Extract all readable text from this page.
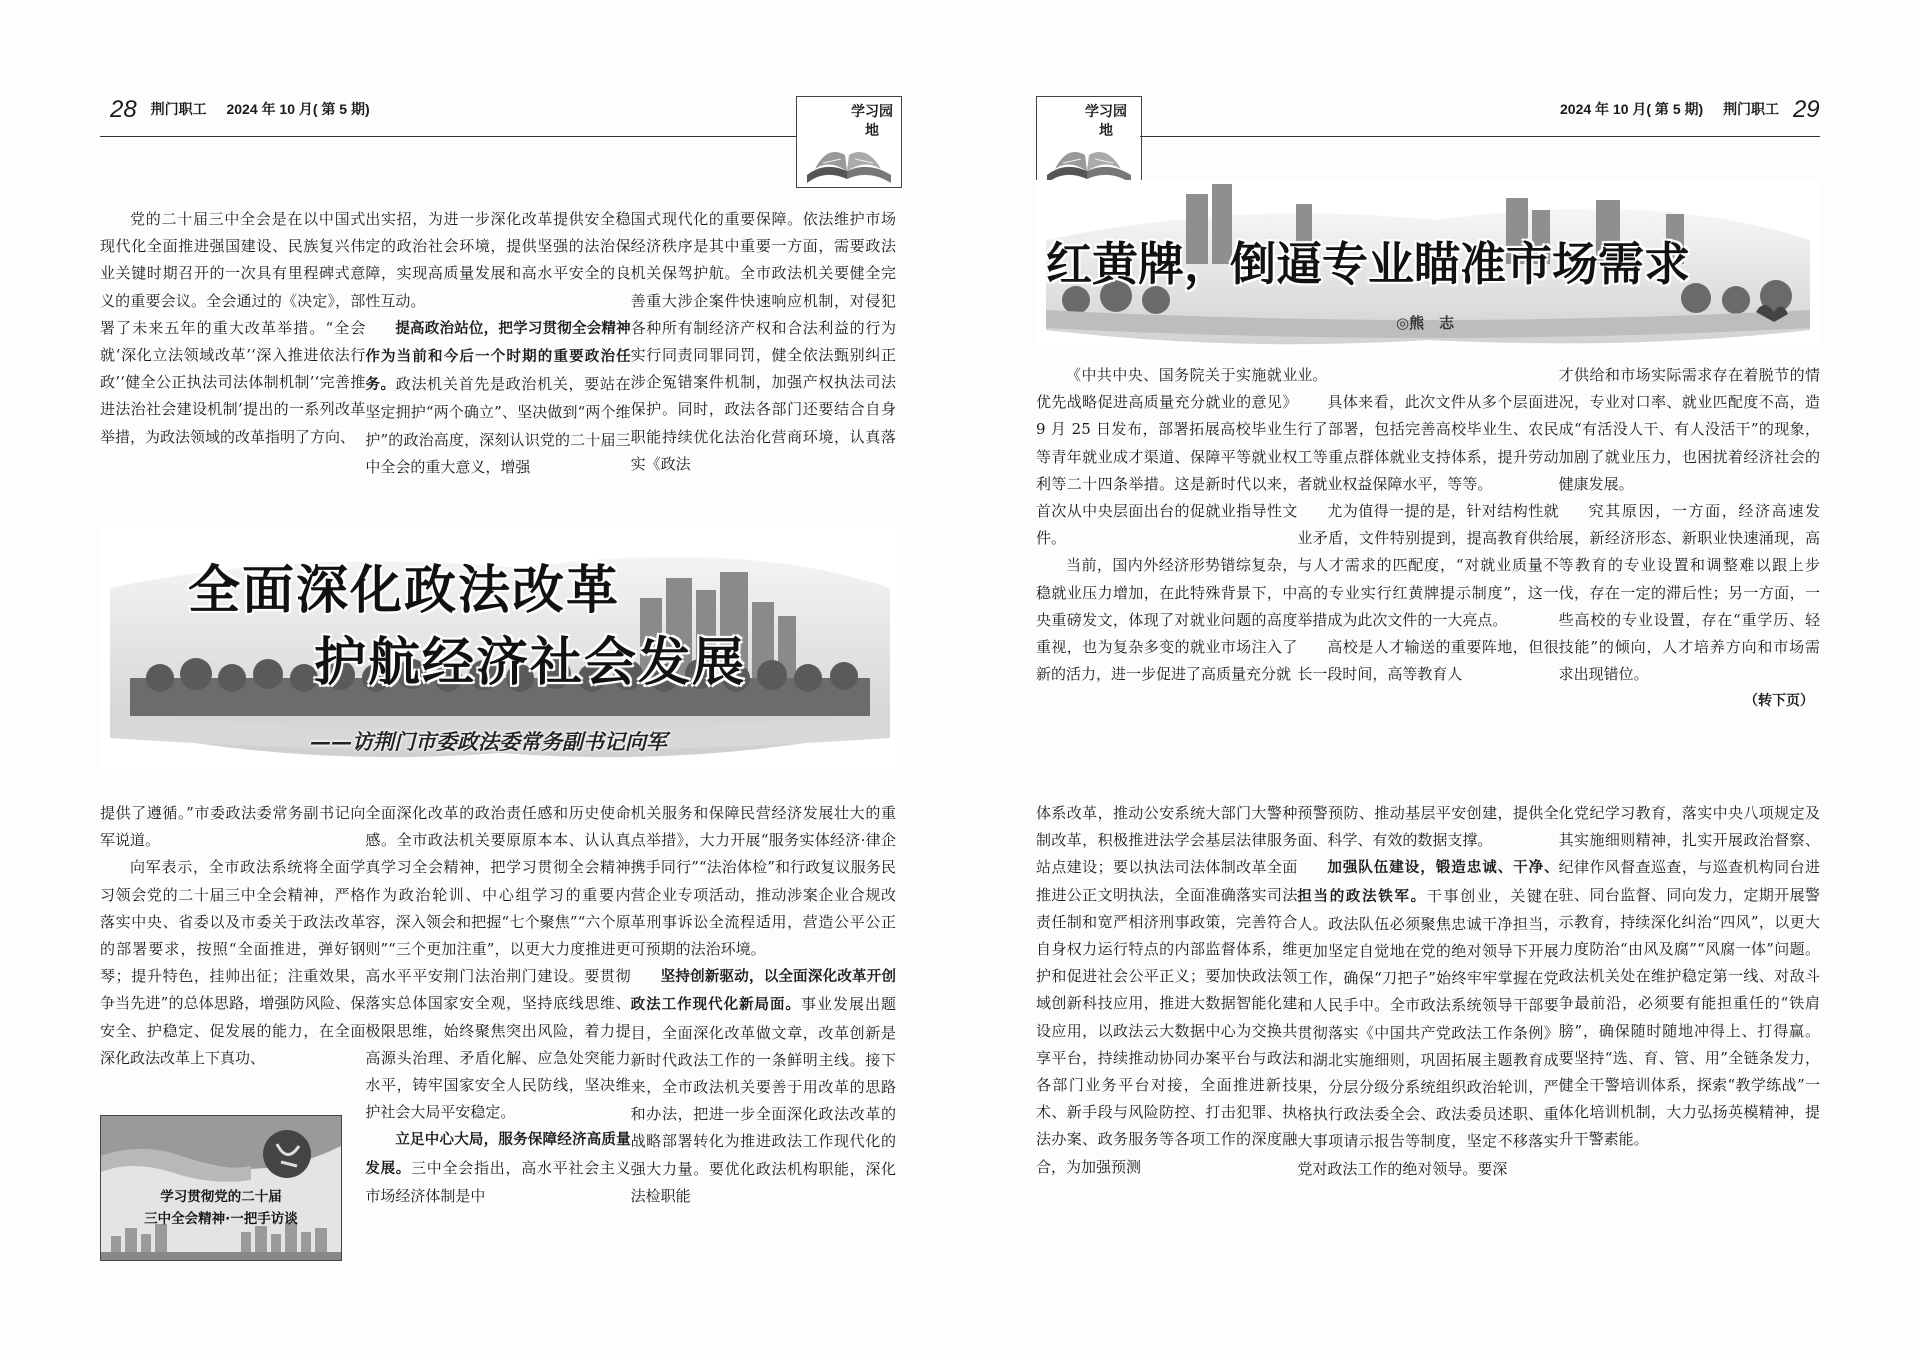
28 荆门职工 2024 年 10 月( 第 5 期)	学习园地

党的二十届三中全会是在以中国式现代化全面推进强国建设、民族复兴伟业关键时期召开的一次具有里程碑式意义的重要会议。全会通过的《决定》，部署了未来五年的重大改革举措。“全会就‘深化立法领域改革’‘深入推进依法行政’‘健全公正执法司法体制机制’‘完善推进法治社会建设机制’提出的一系列改革举措，为政法领域的改革指明了方向、

出实招，为进一步深化改革提供安全稳定的政治社会环境，提供坚强的法治保障，实现高质量发展和高水平安全的良性互动。

提高政治站位，把学习贯彻全会精神作为当前和今后一个时期的重要政治任务。政法机关首先是政治机关，要站在坚定拥护“两个确立”、坚决做到“两个维护”的政治高度，深刻认识党的二十届三中全会的重大意义，增强

国式现代化的重要保障。依法维护市场经济秩序是其中重要一方面，需要政法机关保驾护航。全市政法机关要健全完善重大涉企案件快速响应机制，对侵犯各种所有制经济产权和合法利益的行为实行同责同罪同罚，健全依法甄别纠正涉企冤错案件机制，加强产权执法司法保护。同时，政法各部门还要结合自身职能持续优化法治化营商环境，认真落实《政法

全面深化政法改革
护航经济社会发展
——访荆门市委政法委常务副书记向军

提供了遵循。”市委政法委常务副书记向军说道。

向军表示，全市政法系统将全面学习领会党的二十届三中全会精神，严格落实中央、省委以及市委关于政法改革的部署要求，按照“全面推进，弹好钢琴；提升特色，挂帅出征；注重效果，争当先进”的总体思路，增强防风险、保安全、护稳定、促发展的能力，在全面深化政法改革上下真功、

全面深化改革的政治责任感和历史使命感。全市政法机关要原原本本、认认真真学习全会精神，把学习贯彻全会精神作为政治轮训、中心组学习的重要内容，深入领会和把握“七个聚焦”“六个原则”“三个更加注重”，以更大力度推进更高水平平安荆门法治荆门建设。要贯彻落实总体国家安全观，坚持底线思维、极限思维，始终聚焦突出风险，着力提高源头治理、矛盾化解、应急处突能力水平，铸牢国家安全人民防线，坚决维护社会大局平安稳定。

立足中心大局，服务保障经济高质量发展。三中全会指出，高水平社会主义市场经济体制是中

机关服务和保障民营经济发展壮大的重点举措》，大力开展“服务实体经济·律企携手同行”“法治体检”和行政复议服务民营企业专项活动，推动涉案企业合规改革刑事诉讼全流程适用，营造公平公正可预期的法治环境。

坚持创新驱动，以全面深化改革开创政法工作现代化新局面。事业发展出题目，全面深化改革做文章，改革创新是新时代政法工作的一条鲜明主线。接下来，全市政法机关要善于用改革的思路和办法，把进一步全面深化政法改革的战略部署转化为推进政法工作现代化的强大力量。要优化政法机构职能，深化法检职能

学习贯彻党的二十届
三中全会精神·一把手访谈
学习园地
2024 年 10 月( 第 5 期) 荆门职工 29
红黄牌，倒逼专业瞄准市场需求
◎熊　志

《中共中央、国务院关于实施就业优先战略促进高质量充分就业的意见》9 月 25 日发布，部署拓展高校毕业生等青年就业成才渠道、保障平等就业权利等二十四条举措。这是新时代以来，首次从中央层面出台的促就业指导性文件。

当前，国内外经济形势错综复杂，稳就业压力增加，在此特殊背景下，中央重磅发文，体现了对就业问题的高度重视，也为复杂多变的就业市场注入了新的活力，进一步促进了高质量充分就

业。

具体来看，此次文件从多个层面进行了部署，包括完善高校毕业生、农民工等重点群体就业支持体系，提升劳动者就业权益保障水平，等等。

尤为值得一提的是，针对结构性就业矛盾，文件特别提到，提高教育供给与人才需求的匹配度，“对就业质量不高的专业实行红黄牌提示制度”，这一举措成为此次文件的一大亮点。

高校是人才输送的重要阵地，但很长一段时间，高等教育人

才供给和市场实际需求存在着脱节的情况，专业对口率、就业匹配度不高，造成“有活没人干、有人没活干”的现象，加剧了就业压力，也困扰着经济社会的健康发展。

究其原因，一方面，经济高速发展，新经济形态、新职业快速涌现，高等教育的专业设置和调整难以跟上步伐，存在一定的滞后性；另一方面，一些高校的专业设置，存在“重学历、轻技能”的倾向，人才培养方向和市场需求出现错位。

（转下页）

体系改革，推动公安系统大部门大警种制改革，积极推进法学会基层法律服务站点建设；要以执法司法体制改革全面推进公正文明执法，全面准确落实司法责任制和宽严相济刑事政策，完善符合自身权力运行特点的内部监督体系，维护和促进社会公平正义；要加快政法领域创新科技应用，推进大数据智能化建设应用，以政法云大数据中心为交换共享平台，持续推动协同办案平台与政法各部门业务平台对接，全面推进新技术、新手段与风险防控、打击犯罪、执法办案、政务服务等各项工作的深度融合，为加强预测

预警预防、推动基层平安创建，提供全面、科学、有效的数据支撑。

加强队伍建设，锻造忠诚、干净、担当的政法铁军。干事创业，关键在人。政法队伍必须聚焦忠诚干净担当，更加坚定自觉地在党的绝对领导下开展工作，确保“刀把子”始终牢牢掌握在党和人民手中。全市政法系统领导干部要贯彻落实《中国共产党政法工作条例》和湖北实施细则，巩固拓展主题教育成果，分层分级分系统组织政治轮训，严格执行政法委全会、政法委员述职、重大事项请示报告等制度，坚定不移落实党对政法工作的绝对领导。要深

化党纪学习教育，落实中央八项规定及其实施细则精神，扎实开展政治督察、纪律作风督查巡查，与巡查机构同台进驻、同台监督、同向发力，定期开展警示教育，持续深化纠治“四风”，以更大力度防治“由风及腐”“风腐一体”问题。政法机关处在维护稳定第一线、对敌斗争最前沿，必须要有能担重任的“铁肩膀”，确保随时随地冲得上、打得赢。要坚持“选、育、管、用”全链条发力，健全干警培训体系，探索“教学练战”一体化培训机制，大力弘扬英模精神，提升干警素能。
